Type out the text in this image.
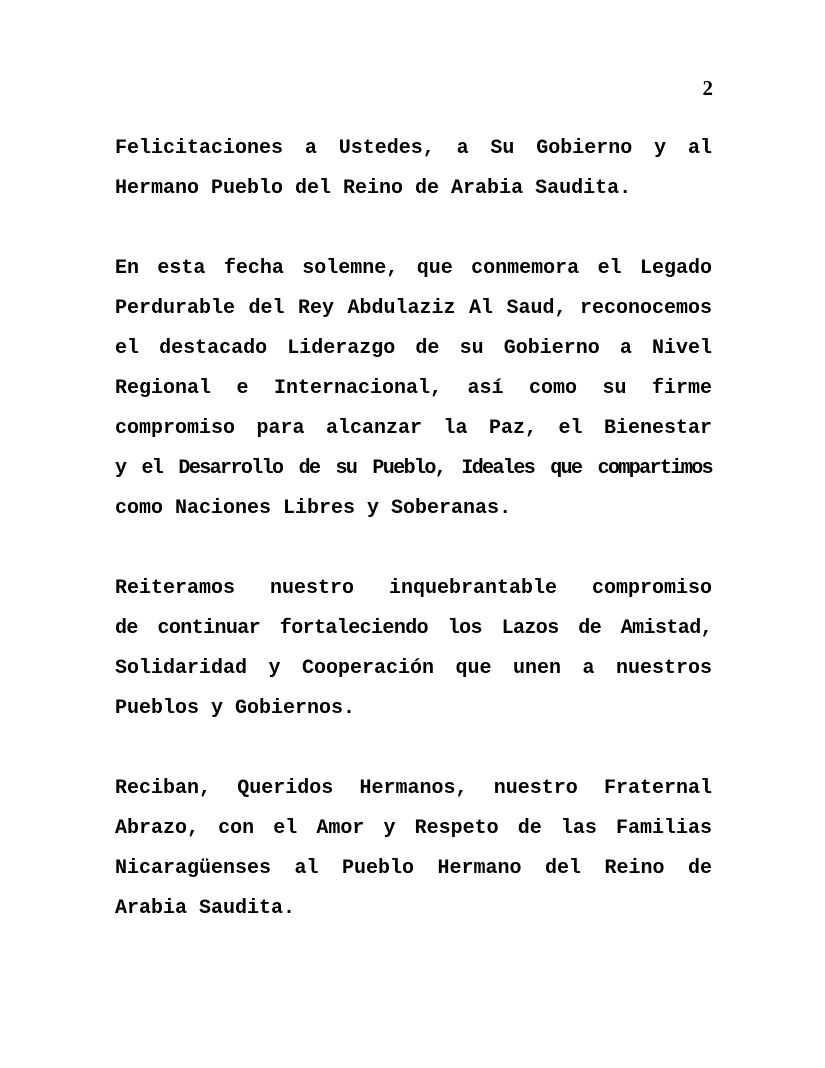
2

Felicitaciones a Ustedes, a Su Gobierno y al
Hermano Pueblo del Reino de Arabia Saudita.

En esta fecha solemne, que conmemora el Legado
Perdurable del Rey Abdulaziz Al Saud, reconocemos
el destacado Liderazgo de su Gobierno a Nivel
Regional e Internacional, así como su firme
compromiso para alcanzar la Paz, el Bienestar
y el Desarrollo de su Pueblo, Ideales que compartimos
como Naciones Libres y Soberanas.

Reiteramos nuestro inquebrantable compromiso
de continuar fortaleciendo los Lazos de Amistad,
Solidaridad y Cooperación que unen a nuestros
Pueblos y Gobiernos.

Reciban, Queridos Hermanos, nuestro Fraternal
Abrazo, con el Amor y Respeto de las Familias
Nicaragüenses al Pueblo Hermano del Reino de
Arabia Saudita.
